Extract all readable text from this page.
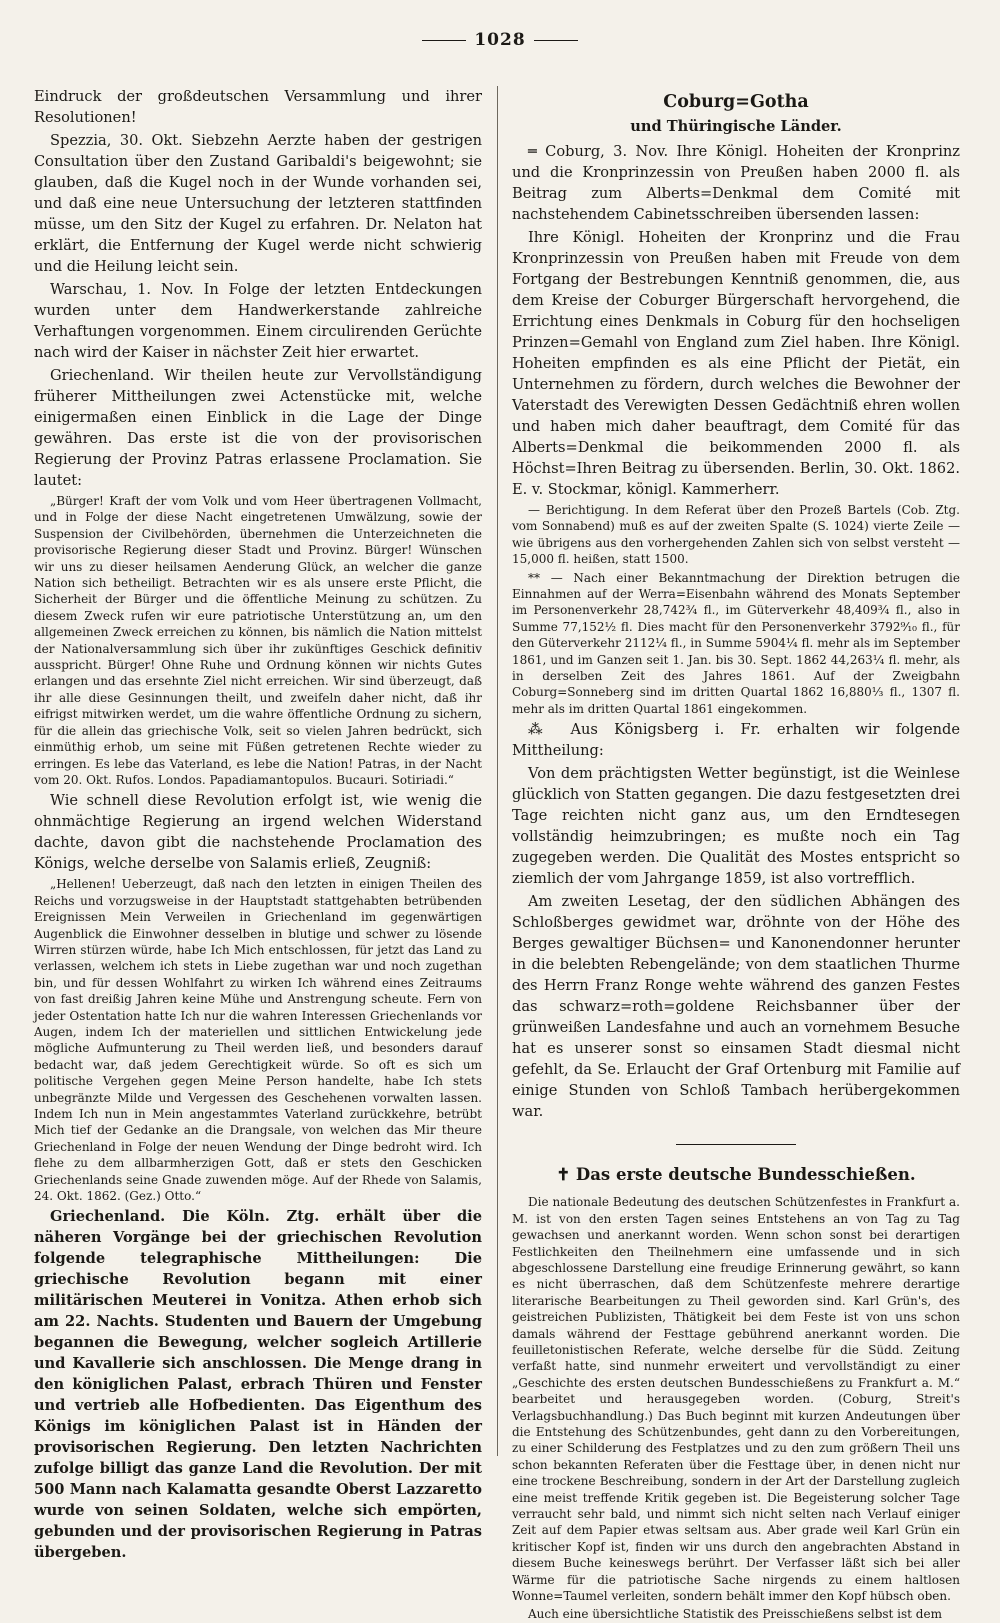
1028

Eindruck der großdeutschen Versammlung und ihrer Resolutionen!

Spezzia, 30. Okt. Siebzehn Aerzte haben der gestrigen Consultation über den Zustand Garibaldi's beigewohnt; sie glauben, daß die Kugel noch in der Wunde vorhanden sei, und daß eine neue Untersuchung der letzteren stattfinden müsse, um den Sitz der Kugel zu erfahren. Dr. Nelaton hat erklärt, die Entfernung der Kugel werde nicht schwierig und die Heilung leicht sein.

Warschau, 1. Nov. In Folge der letzten Entdeckungen wurden unter dem Handwerkerstande zahlreiche Verhaftungen vorgenommen. Einem circulirenden Gerüchte nach wird der Kaiser in nächster Zeit hier erwartet.

Griechenland. Wir theilen heute zur Vervollständigung früherer Mittheilungen zwei Actenstücke mit, welche einigermaßen einen Einblick in die Lage der Dinge gewähren. Das erste ist die von der provisorischen Regierung der Provinz Patras erlassene Proclamation. Sie lautet:

„Bürger! Kraft der vom Volk und vom Heer übertragenen Vollmacht, und in Folge der diese Nacht eingetretenen Umwälzung, sowie der Suspension der Civilbehörden, übernehmen die Unterzeichneten die provisorische Regierung dieser Stadt und Provinz. Bürger! Wünschen wir uns zu dieser heilsamen Aenderung Glück, an welcher die ganze Nation sich betheiligt. Betrachten wir es als unsere erste Pflicht, die Sicherheit der Bürger und die öffentliche Meinung zu schützen. Zu diesem Zweck rufen wir eure patriotische Unterstützung an, um den allgemeinen Zweck erreichen zu können, bis nämlich die Nation mittelst der Nationalversammlung sich über ihr zukünftiges Geschick definitiv ausspricht. Bürger! Ohne Ruhe und Ordnung können wir nichts Gutes erlangen und das ersehnte Ziel nicht erreichen. Wir sind überzeugt, daß ihr alle diese Gesinnungen theilt, und zweifeln daher nicht, daß ihr eifrigst mitwirken werdet, um die wahre öffentliche Ordnung zu sichern, für die allein das griechische Volk, seit so vielen Jahren bedrückt, sich einmüthig erhob, um seine mit Füßen getretenen Rechte wieder zu erringen. Es lebe das Vaterland, es lebe die Nation! Patras, in der Nacht vom 20. Okt. Rufos. Londos. Papadiamantopulos. Bucauri. Sotiriadi.“

Wie schnell diese Revolution erfolgt ist, wie wenig die ohnmächtige Regierung an irgend welchen Widerstand dachte, davon gibt die nachstehende Proclamation des Königs, welche derselbe von Salamis erließ, Zeugniß:

„Hellenen! Ueberzeugt, daß nach den letzten in einigen Theilen des Reichs und vorzugsweise in der Hauptstadt stattgehabten betrübenden Ereignissen Mein Verweilen in Griechenland im gegenwärtigen Augenblick die Einwohner desselben in blutige und schwer zu lösende Wirren stürzen würde, habe Ich Mich entschlossen, für jetzt das Land zu verlassen, welchem ich stets in Liebe zugethan war und noch zugethan bin, und für dessen Wohlfahrt zu wirken Ich während eines Zeitraums von fast dreißig Jahren keine Mühe und Anstrengung scheute. Fern von jeder Ostentation hatte Ich nur die wahren Interessen Griechenlands vor Augen, indem Ich der materiellen und sittlichen Entwickelung jede mögliche Aufmunterung zu Theil werden ließ, und besonders darauf bedacht war, daß jedem Gerechtigkeit würde. So oft es sich um politische Vergehen gegen Meine Person handelte, habe Ich stets unbegränzte Milde und Vergessen des Geschehenen vorwalten lassen. Indem Ich nun in Mein angestammtes Vaterland zurückkehre, betrübt Mich tief der Gedanke an die Drangsale, von welchen das Mir theure Griechenland in Folge der neuen Wendung der Dinge bedroht wird. Ich flehe zu dem allbarmherzigen Gott, daß er stets den Geschicken Griechenlands seine Gnade zuwenden möge. Auf der Rhede von Salamis, 24. Okt. 1862. (Gez.) Otto.“

Griechenland. Die Köln. Ztg. erhält über die näheren Vorgänge bei der griechischen Revolution folgende telegraphische Mittheilungen: Die griechische Revolution begann mit einer militärischen Meuterei in Vonitza. Athen erhob sich am 22. Nachts. Studenten und Bauern der Umgebung begannen die Bewegung, welcher sogleich Artillerie und Kavallerie sich anschlossen. Die Menge drang in den königlichen Palast, erbrach Thüren und Fenster und vertrieb alle Hofbedienten. Das Eigenthum des Königs im königlichen Palast ist in Händen der provisorischen Regierung. Den letzten Nachrichten zufolge billigt das ganze Land die Revolution. Der mit 500 Mann nach Kalamatta gesandte Oberst Lazzaretto wurde von seinen Soldaten, welche sich empörten, gebunden und der provisorischen Regierung in Patras übergeben.

Coburg=Gotha

und Thüringische Länder.

═ Coburg, 3. Nov. Ihre Königl. Hoheiten der Kronprinz und die Kronprinzessin von Preußen haben 2000 fl. als Beitrag zum Alberts=Denkmal dem Comité mit nachstehendem Cabinetsschreiben übersenden lassen:

Ihre Königl. Hoheiten der Kronprinz und die Frau Kronprinzessin von Preußen haben mit Freude von dem Fortgang der Bestrebungen Kenntniß genommen, die, aus dem Kreise der Coburger Bürgerschaft hervorgehend, die Errichtung eines Denkmals in Coburg für den hochseligen Prinzen=Gemahl von England zum Ziel haben. Ihre Königl. Hoheiten empfinden es als eine Pflicht der Pietät, ein Unternehmen zu fördern, durch welches die Bewohner der Vaterstadt des Verewigten Dessen Gedächtniß ehren wollen und haben mich daher beauftragt, dem Comité für das Alberts=Denkmal die beikommenden 2000 fl. als Höchst=Ihren Beitrag zu übersenden. Berlin, 30. Okt. 1862. E. v. Stockmar, königl. Kammerherr.

— Berichtigung. In dem Referat über den Prozeß Bartels (Cob. Ztg. vom Sonnabend) muß es auf der zweiten Spalte (S. 1024) vierte Zeile — wie übrigens aus den vorhergehenden Zahlen sich von selbst versteht — 15,000 fl. heißen, statt 1500.

** — Nach einer Bekanntmachung der Direktion betrugen die Einnahmen auf der Werra=Eisenbahn während des Monats September im Personenverkehr 28,742¾ fl., im Güterverkehr 48,409¾ fl., also in Summe 77,152½ fl. Dies macht für den Personenverkehr 3792⁹⁄₁₀ fl., für den Güterverkehr 2112¼ fl., in Summe 5904¼ fl. mehr als im September 1861, und im Ganzen seit 1. Jan. bis 30. Sept. 1862 44,263¼ fl. mehr, als in derselben Zeit des Jahres 1861. Auf der Zweigbahn Coburg=Sonneberg sind im dritten Quartal 1862 16,880⅓ fl., 1307 fl. mehr als im dritten Quartal 1861 eingekommen.

⁂ Aus Königsberg i. Fr. erhalten wir folgende Mittheilung:

Von dem prächtigsten Wetter begünstigt, ist die Weinlese glücklich von Statten gegangen. Die dazu festgesetzten drei Tage reichten nicht ganz aus, um den Erndtesegen vollständig heimzubringen; es mußte noch ein Tag zugegeben werden. Die Qualität des Mostes entspricht so ziemlich der vom Jahrgange 1859, ist also vortrefflich.

Am zweiten Lesetag, der den südlichen Abhängen des Schloßberges gewidmet war, dröhnte von der Höhe des Berges gewaltiger Büchsen= und Kanonendonner herunter in die belebten Rebengelände; von dem staatlichen Thurme des Herrn Franz Ronge wehte während des ganzen Festes das schwarz=roth=goldene Reichsbanner über der grünweißen Landesfahne und auch an vornehmem Besuche hat es unserer sonst so einsamen Stadt diesmal nicht gefehlt, da Se. Erlaucht der Graf Ortenburg mit Familie auf einige Stunden von Schloß Tambach herübergekommen war.

✝ Das erste deutsche Bundesschießen.

Die nationale Bedeutung des deutschen Schützenfestes in Frankfurt a. M. ist von den ersten Tagen seines Entstehens an von Tag zu Tag gewachsen und anerkannt worden. Wenn schon sonst bei derartigen Festlichkeiten den Theilnehmern eine umfassende und in sich abgeschlossene Darstellung eine freudige Erinnerung gewährt, so kann es nicht überraschen, daß dem Schützenfeste mehrere derartige literarische Bearbeitungen zu Theil geworden sind. Karl Grün's, des geistreichen Publizisten, Thätigkeit bei dem Feste ist von uns schon damals während der Festtage gebührend anerkannt worden. Die feuilletonistischen Referate, welche derselbe für die Südd. Zeitung verfaßt hatte, sind nunmehr erweitert und vervollständigt zu einer „Geschichte des ersten deutschen Bundesschießens zu Frankfurt a. M.“ bearbeitet und herausgegeben worden. (Coburg, Streit's Verlagsbuchhandlung.) Das Buch beginnt mit kurzen Andeutungen über die Entstehung des Schützenbundes, geht dann zu den Vorbereitungen, zu einer Schilderung des Festplatzes und zu den zum größern Theil uns schon bekannten Referaten über die Festtage über, in denen nicht nur eine trockene Beschreibung, sondern in der Art der Darstellung zugleich eine meist treffende Kritik gegeben ist. Die Begeisterung solcher Tage verraucht sehr bald, und nimmt sich nicht selten nach Verlauf einiger Zeit auf dem Papier etwas seltsam aus. Aber grade weil Karl Grün ein kritischer Kopf ist, finden wir uns durch den angebrachten Abstand in diesem Buche keineswegs berührt. Der Verfasser läßt sich bei aller Wärme für die patriotische Sache nirgends zu einem haltlosen Wonne=Taumel verleiten, sondern behält immer den Kopf hübsch oben.

Auch eine übersichtliche Statistik des Preisschießens selbst ist dem
